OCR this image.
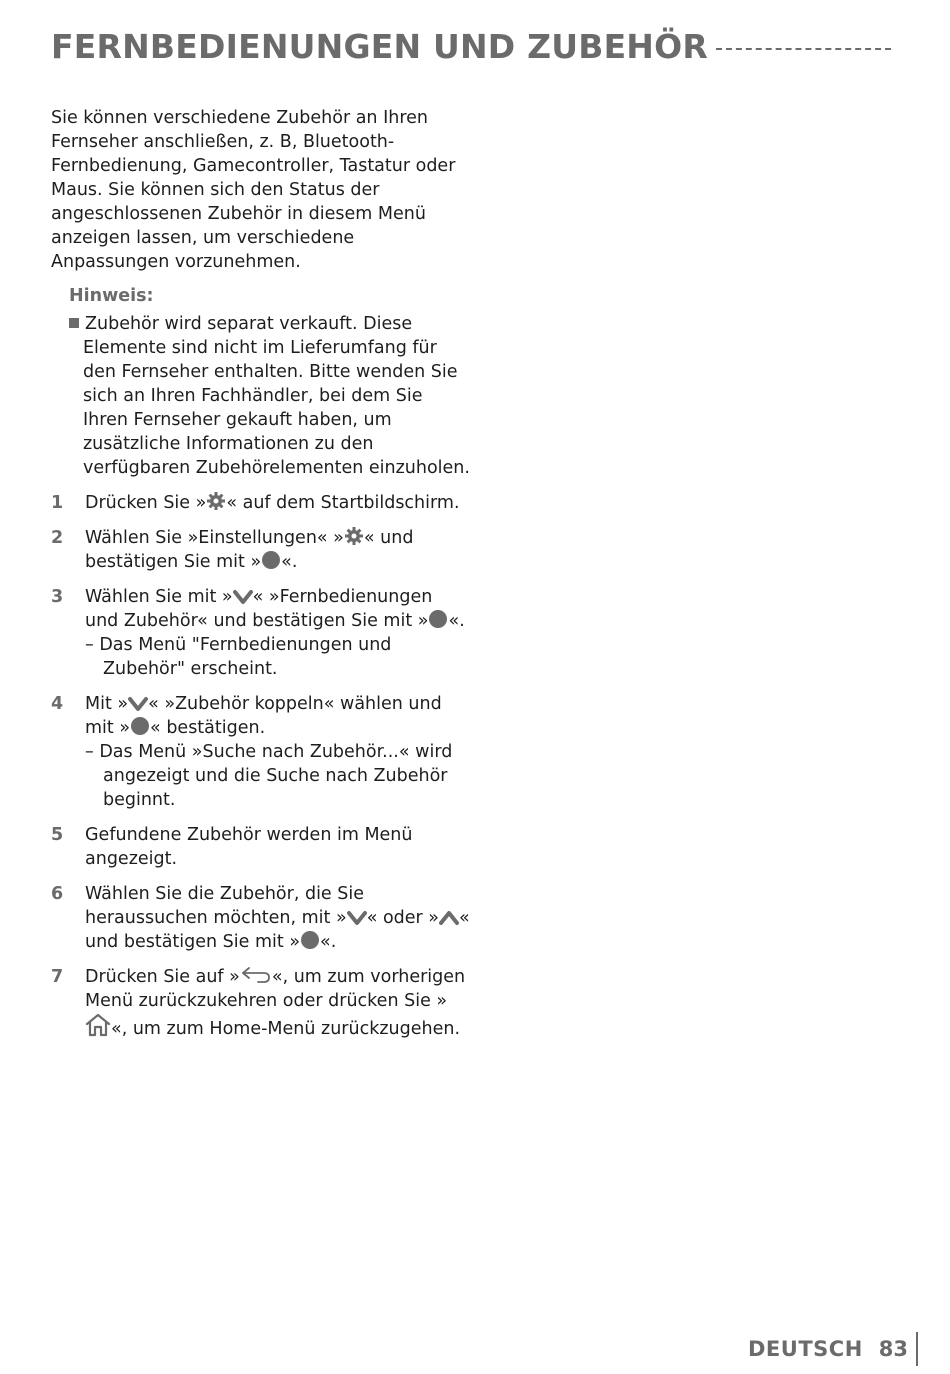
FERNBEDIENUNGEN UND ZUBEHÖR

Sie können verschiedene Zubehör an Ihren Fernseher anschließen, z. B, Bluetooth-Fernbedienung, Gamecontroller, Tastatur oder Maus. Sie können sich den Status der angeschlossenen Zubehör in diesem Menü anzeigen lassen, um verschiedene Anpassungen vorzunehmen.

Hinweis:
Zubehör wird separat verkauft. Diese Elemente sind nicht im Lieferumfang für den Fernseher enthalten. Bitte wenden Sie sich an Ihren Fachhändler, bei dem Sie Ihren Fernseher gekauft haben, um zusätzliche Informationen zu den verfügbaren Zubehörelementen einzuholen.
1	Drücken Sie » « auf dem Startbildschirm.
2	Wählen Sie »Einstellungen« » « und bestätigen Sie mit » «.
3	Wählen Sie mit » « »Fernbedienungen und Zubehör« und bestätigen Sie mit » «.
– Das Menü "Fernbedienungen und Zubehör" erscheint.
4	Mit » « »Zubehör koppeln« wählen und mit » « bestätigen.
– Das Menü »Suche nach Zubehör...« wird angezeigt und die Suche nach Zubehör beginnt.
5	Gefundene Zubehör werden im Menü angezeigt.
6	Wählen Sie die Zubehör, die Sie heraussuchen möchten, mit » « oder » « und bestätigen Sie mit » «.
7	Drücken Sie auf » «, um zum vorherigen Menü zurückzukehren oder drücken Sie »«, um zum Home-Menü zurückzugehen.
DEUTSCH 83
